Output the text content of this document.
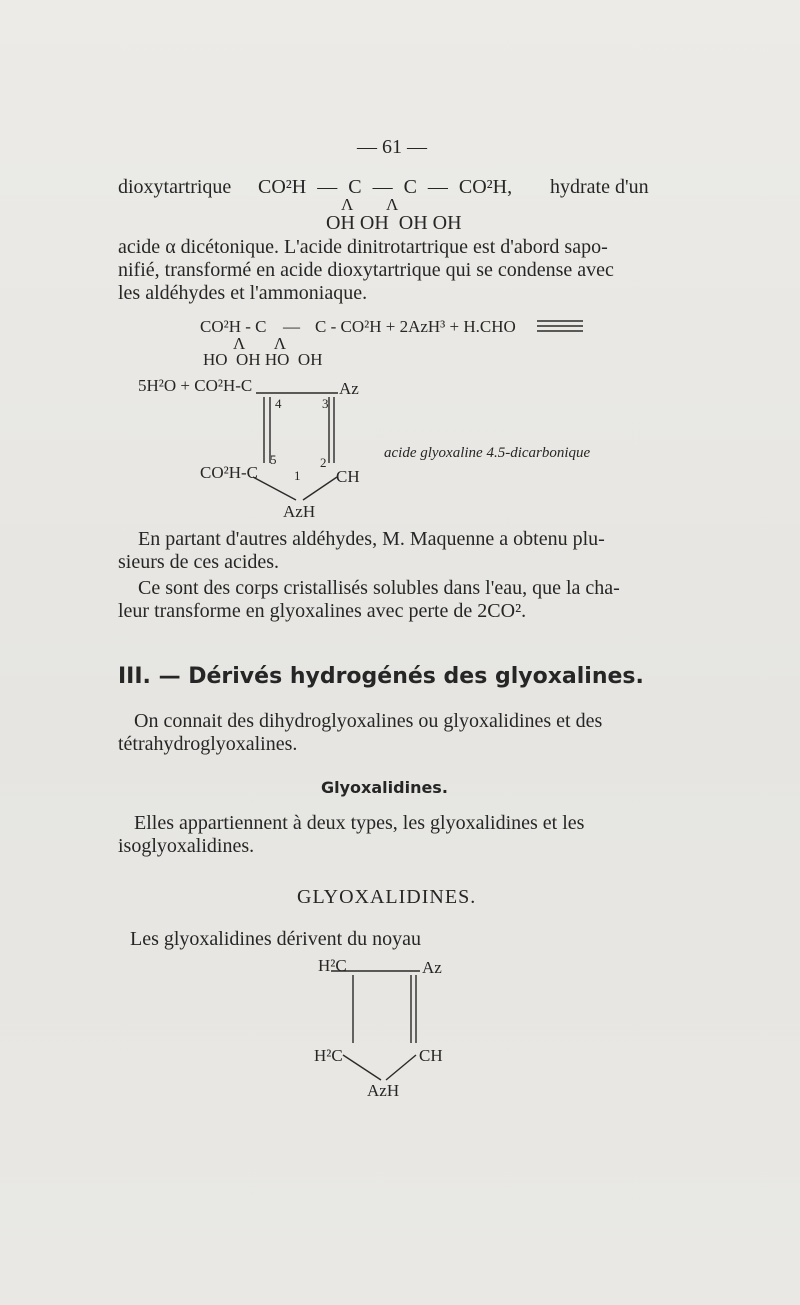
— 61 —
dioxytartrique CO²H — C — C — CO²H, hydrate d'un
Λ        Λ
OH OH  OH OH
acide α dicétonique. L'acide dinitrotartrique est d'abord sapo-
nifié, transformé en acide dioxytartrique qui se condense avec
les aldéhydes et l'ammoniaque.
CO²H - C — C - CO²H + 2AzH³ + H.CHO
Λ       Λ
HO  OH HO  OH
5H²O + CO²H-C	Az
4	3
5	2
1
CO²H-C	CH
AzH
acide glyoxaline 4.5-dicarbonique
En partant d'autres aldéhydes, M. Maquenne a obtenu plu-
sieurs de ces acides.
Ce sont des corps cristallisés solubles dans l'eau, que la cha-
leur transforme en glyoxalines avec perte de 2CO².
III. — Dérivés hydrogénés des glyoxalines.
On connait des dihydroglyoxalines ou glyoxalidines et des
tétrahydroglyoxalines.
Glyoxalidines.
Elles appartiennent à deux types, les glyoxalidines et les
isoglyoxalidines.
GLYOXALIDINES.
Les glyoxalidines dérivent du noyau
H²C	Az
H²C	CH
AzH
